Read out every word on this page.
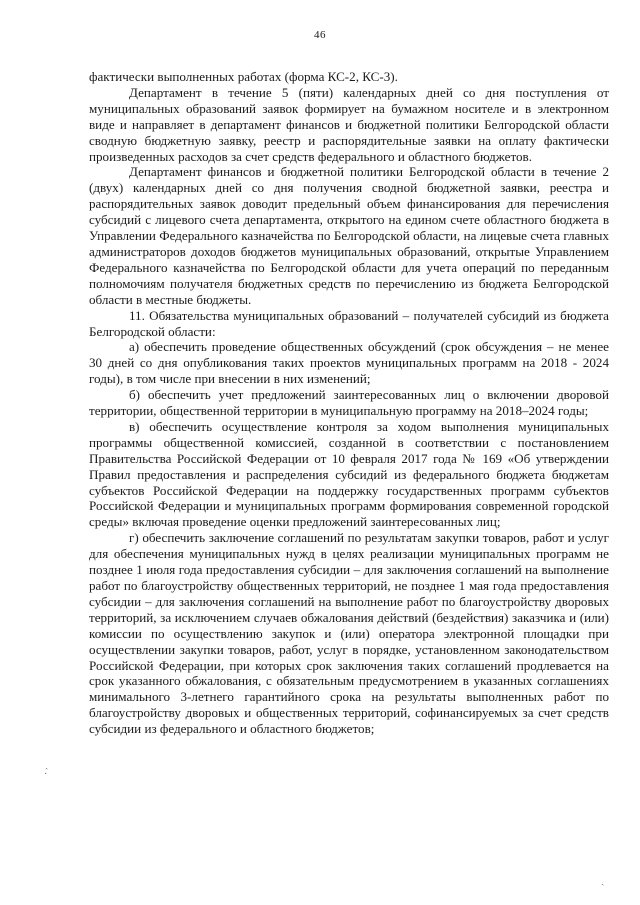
46

фактически выполненных работах (форма КС-2, КС-3).

Департамент в течение 5 (пяти) календарных дней со дня поступления от муниципальных образований заявок формирует на бумажном носителе и в электронном виде и направляет в департамент финансов и бюджетной политики Белгородской области сводную бюджетную заявку, реестр и распорядительные заявки на оплату фактически произведенных расходов за счет средств федерального и областного бюджетов.

Департамент финансов и бюджетной политики Белгородской области в течение 2 (двух) календарных дней со дня получения сводной бюджетной заявки, реестра и распорядительных заявок доводит предельный объем финансирования для перечисления субсидий с лицевого счета департамента, открытого на едином счете областного бюджета в Управлении Федерального казначейства по Белгородской области, на лицевые счета главных администраторов доходов бюджетов муниципальных образований, открытые Управлением Федерального казначейства по Белгородской области для учета операций по переданным полномочиям получателя бюджетных средств по перечислению из бюджета Белгородской области в местные бюджеты.

11. Обязательства муниципальных образований – получателей субсидий из бюджета Белгородской области:

а) обеспечить проведение общественных обсуждений (срок обсуждения – не менее 30 дней со дня опубликования таких проектов муниципальных программ на 2018 - 2024 годы), в том числе при внесении в них изменений;

б) обеспечить учет предложений заинтересованных лиц о включении дворовой территории, общественной территории в муниципальную программу на 2018–2024 годы;

в) обеспечить осуществление контроля за ходом выполнения муниципальных программы общественной комиссией, созданной в соответствии с постановлением Правительства Российской Федерации от 10 февраля 2017 года № 169 «Об утверждении Правил предоставления и распределения субсидий из федерального бюджета бюджетам субъектов Российской Федерации на поддержку государственных программ субъектов Российской Федерации и муниципальных программ формирования современной городской среды» включая проведение оценки предложений заинтересованных лиц;

г) обеспечить заключение соглашений по результатам закупки товаров, работ и услуг для обеспечения муниципальных нужд в целях реализации муниципальных программ не позднее 1 июля года предоставления субсидии – для заключения соглашений на выполнение работ по благоустройству общественных территорий, не позднее 1 мая года предоставления субсидии – для заключения соглашений на выполнение работ по благоустройству дворовых территорий, за исключением случаев обжалования действий (бездействия) заказчика и (или) комиссии по осуществлению закупок и (или) оператора электронной площадки при осуществлении закупки товаров, работ, услуг в порядке, установленном законодательством Российской Федерации, при которых срок заключения таких соглашений продлевается на срок указанного обжалования, с обязательным предусмотрением в указанных соглашениях минимального 3-летнего гарантийного срока на результаты выполненных работ по благоустройству дворовых и общественных территорий, софинансируемых за счет средств субсидии из федерального и областного бюджетов;

ˏ
·
ˎ
